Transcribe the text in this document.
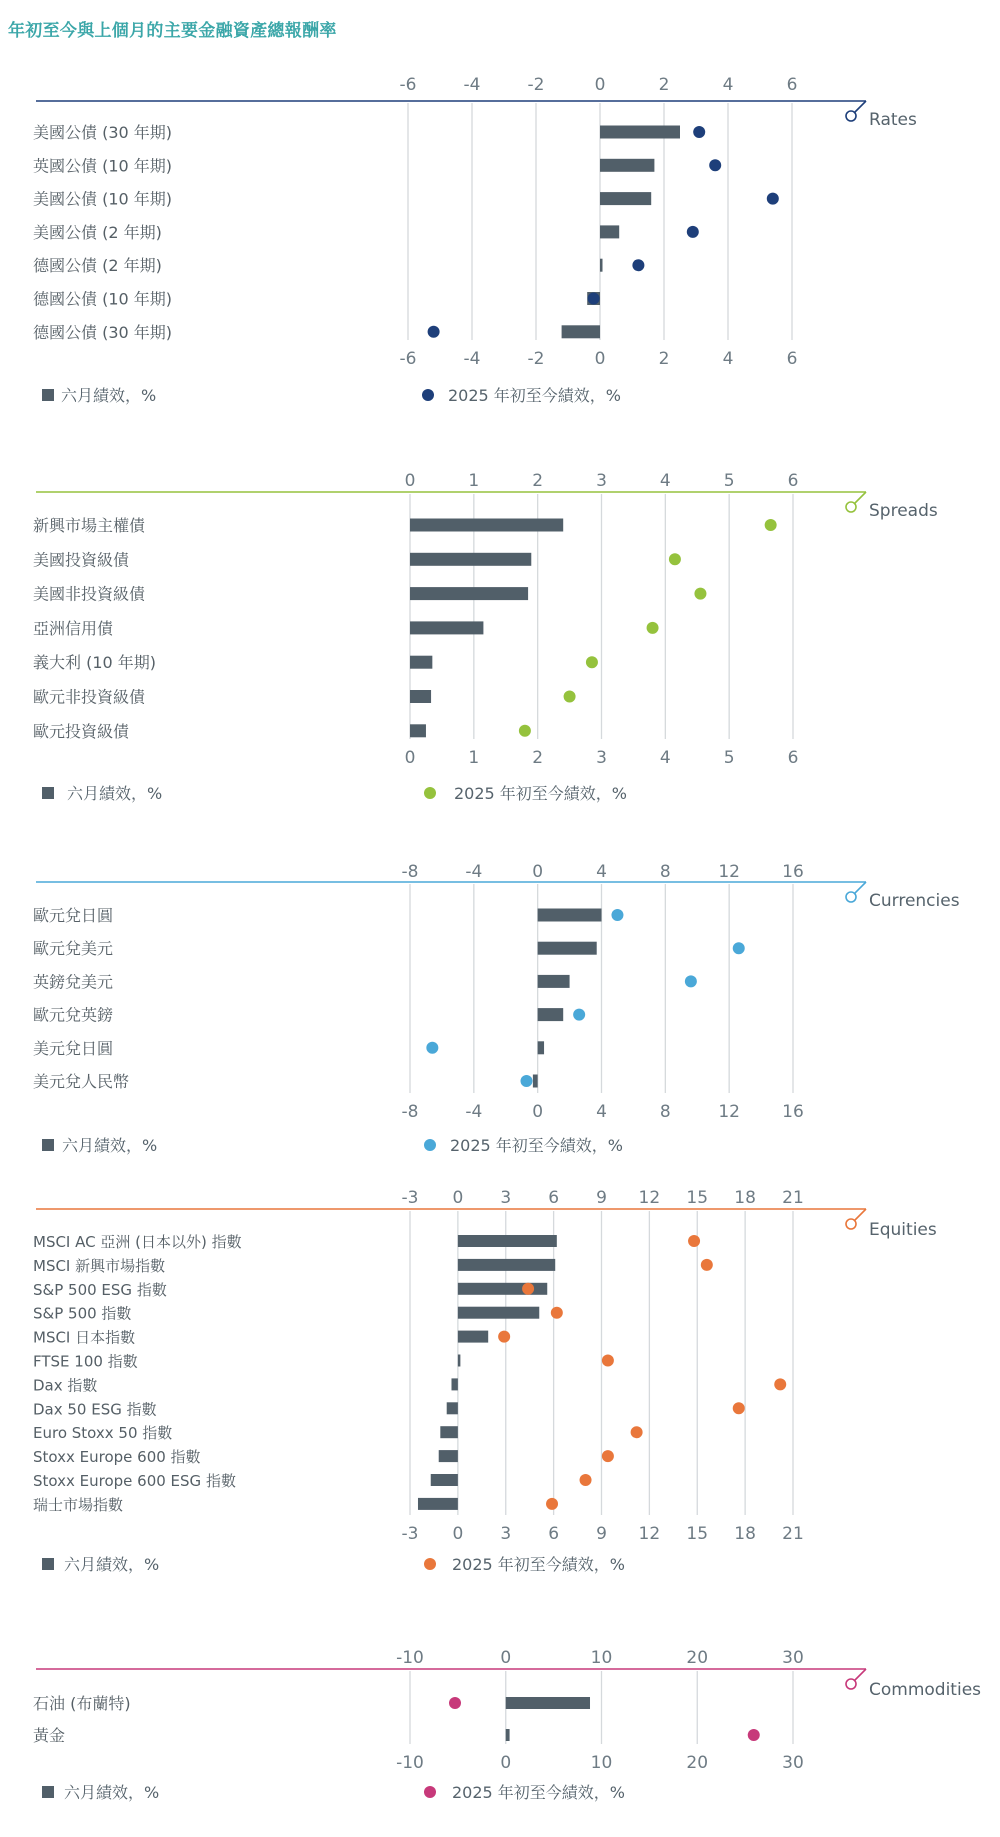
年初至今與上個月的主要金融資產總報酬率
Rates
-6
-6
-4
-4
-2
-2
0
0
2
2
4
4
6
6
美國公債 (30 年期)
英國公債 (10 年期)
美國公債 (10 年期)
美國公債 (2 年期)
德國公債 (2 年期)
德國公債 (10 年期)
德國公債 (30 年期)
六月績效，%	2025 年初至今績效，%
Spreads
0
0
1
1
2
2
3
3
4
4
5
5
6
6
新興市場主權債
美國投資級債
美國非投資級債
亞洲信用債
義大利 (10 年期)
歐元非投資級債
歐元投資級債
六月績效，%	2025 年初至今績效，%
Currencies
-8
-8
-4
-4
0
0
4
4
8
8
12
12
16
16
歐元兌日圓
歐元兌美元
英鎊兌美元
歐元兌英鎊
美元兌日圓
美元兌人民幣
六月績效，%	2025 年初至今績效，%
Equities
-3
-3
0
0
3
3
6
6
9
9
12
12
15
15
18
18
21
21
MSCI AC 亞洲 (日本以外) 指數
MSCI 新興市場指數
S&P 500 ESG 指數
S&P 500 指數
MSCI 日本指數
FTSE 100 指數
Dax 指數
Dax 50 ESG 指數
Euro Stoxx 50 指數
Stoxx Europe 600 指數
Stoxx Europe 600 ESG 指數
瑞士市場指數
六月績效，%	2025 年初至今績效，%
Commodities
-10
-10
0
0
10
10
20
20
30
30
石油 (布蘭特)
黃金
六月績效，%	2025 年初至今績效，%
